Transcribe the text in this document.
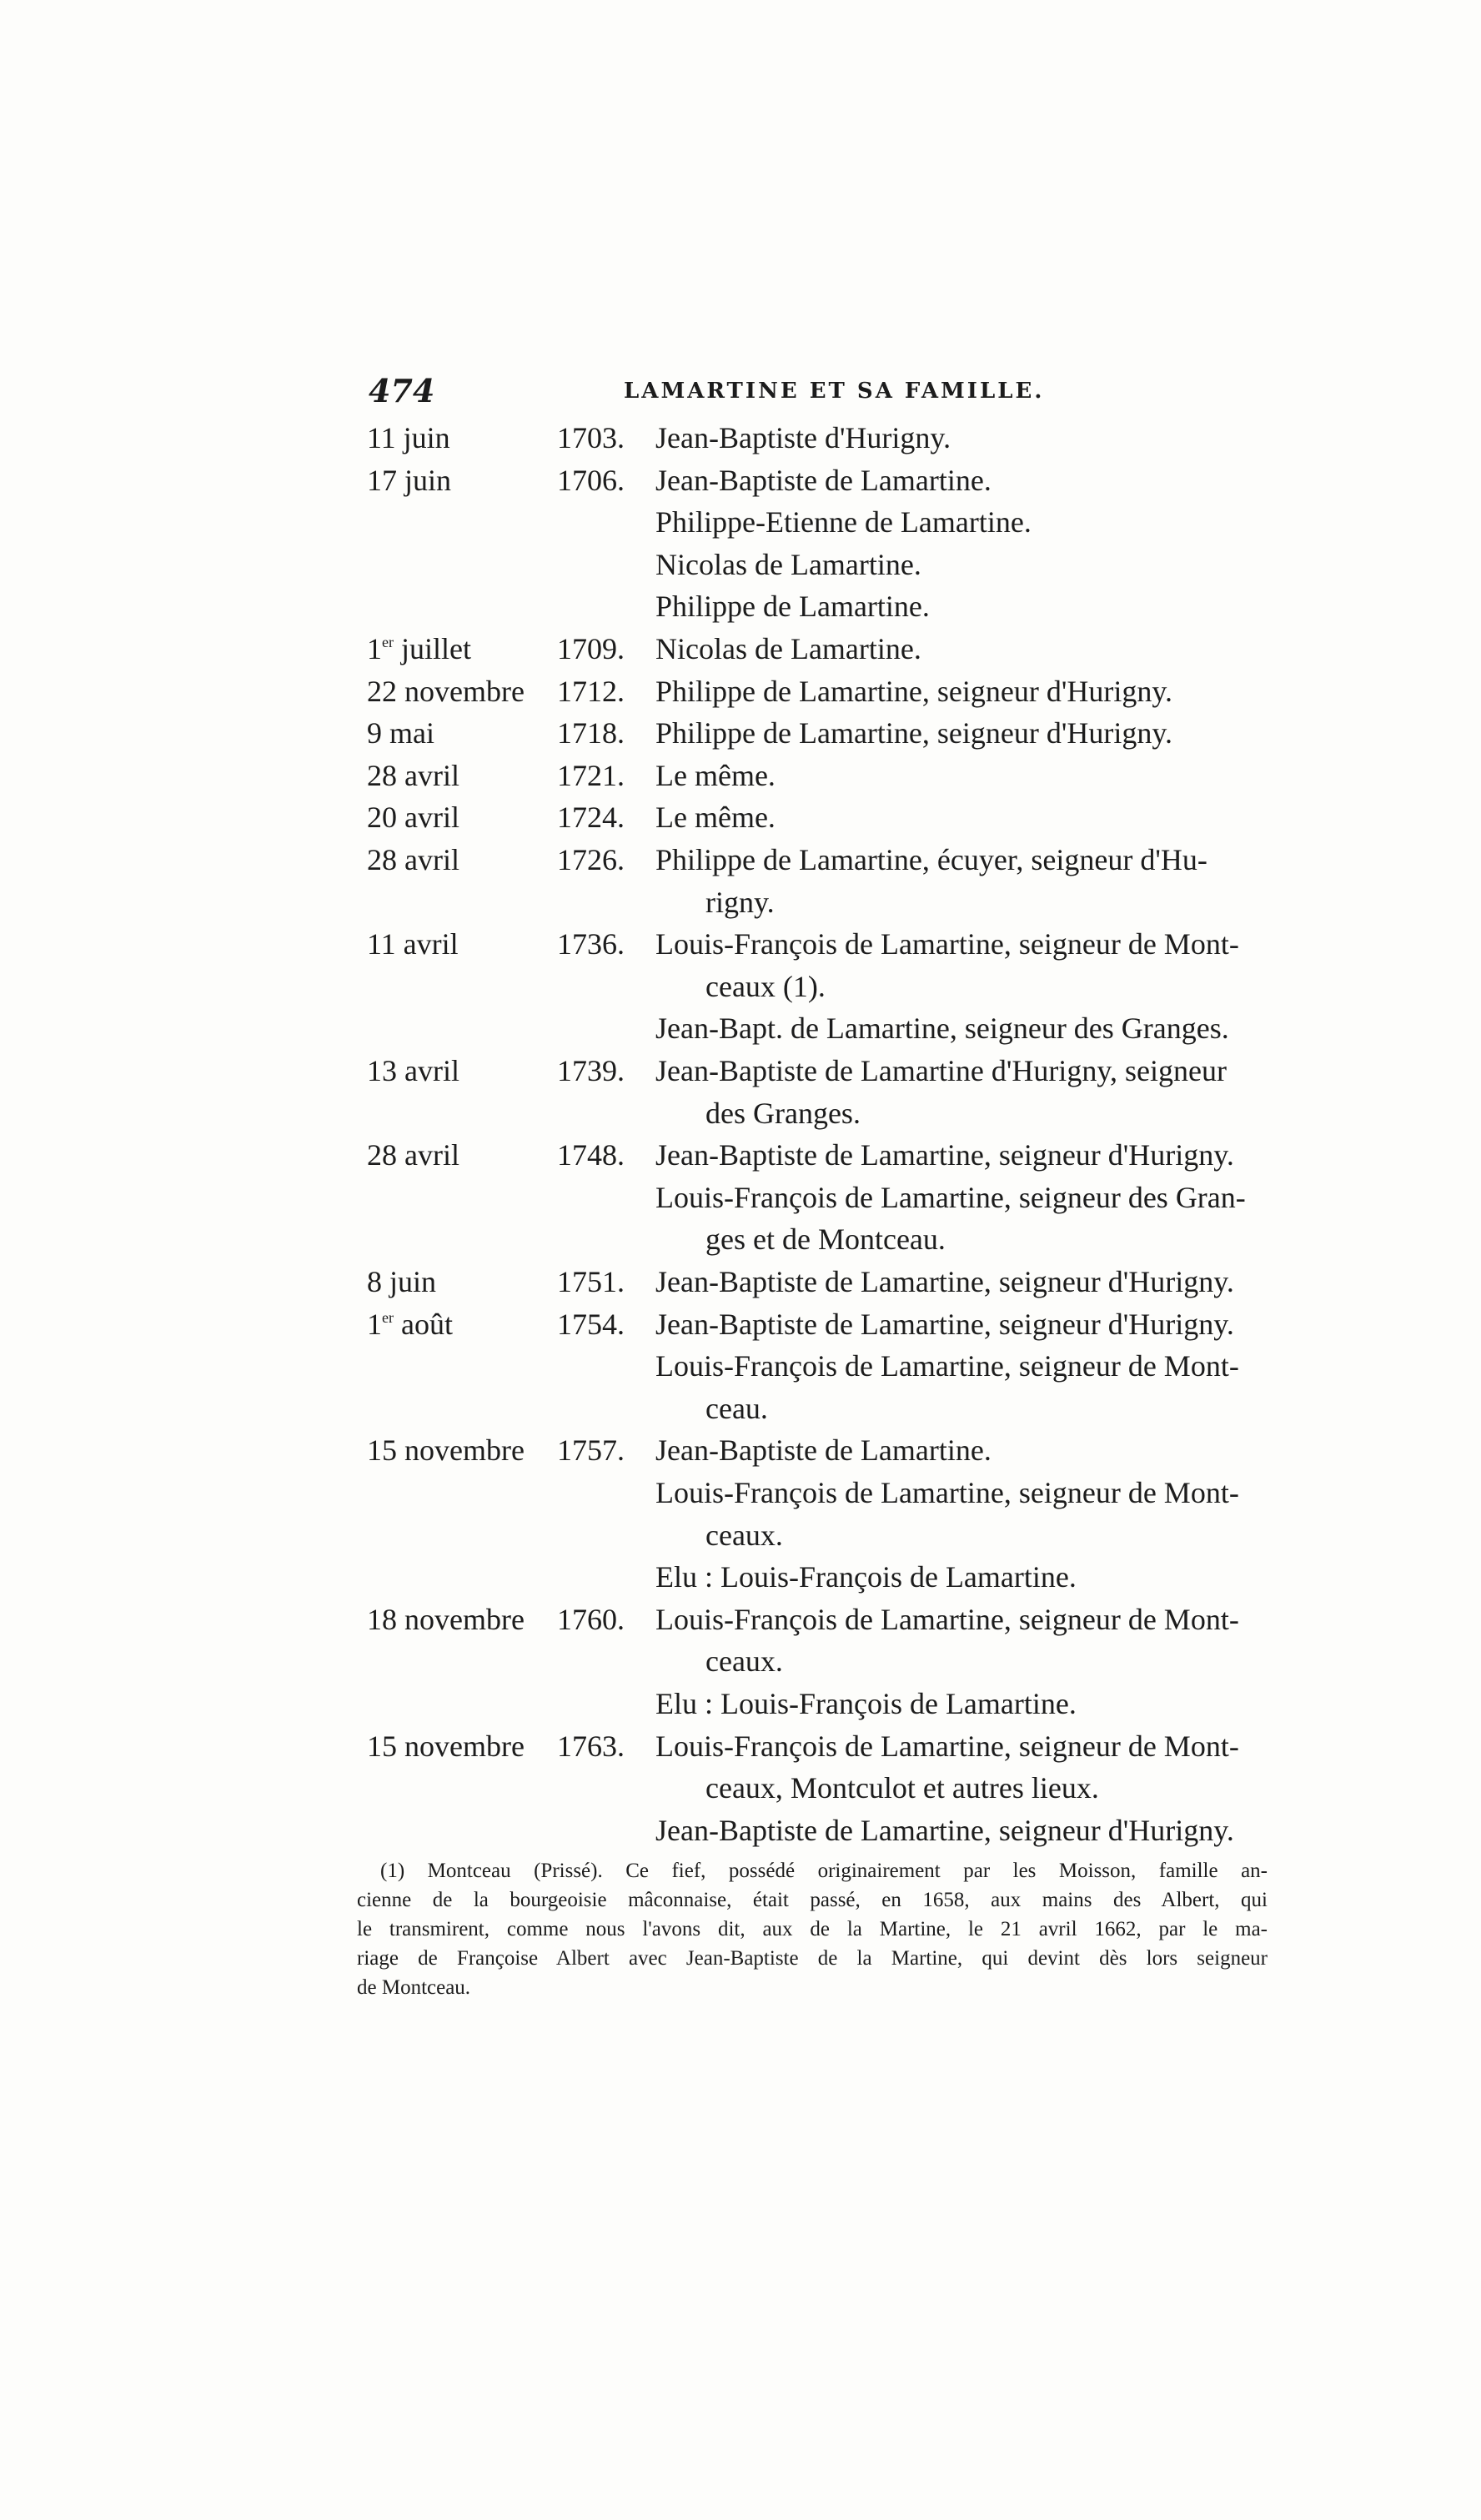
474	LAMARTINE ET SA FAMILLE.
11 juin	1703. Jean-Baptiste d'Hurigny.
17 juin	1706. Jean-Baptiste de Lamartine.
Philippe-Etienne de Lamartine.
Nicolas de Lamartine.
Philippe de Lamartine.
1er juillet	1709. Nicolas de Lamartine.
22 novembre 1712. Philippe de Lamartine, seigneur d'Hurigny.
9 mai	1718. Philippe de Lamartine, seigneur d'Hurigny.
28 avril	1721. Le même.
20 avril	1724. Le même.
28 avril	1726. Philippe de Lamartine, écuyer, seigneur d'Hu-
rigny.
11 avril	1736. Louis-François de Lamartine, seigneur de Mont-
ceaux (1).
Jean-Bapt. de Lamartine, seigneur des Granges.
13 avril	1739. Jean-Baptiste de Lamartine d'Hurigny, seigneur
des Granges.
28 avril	1748. Jean-Baptiste de Lamartine, seigneur d'Hurigny.
Louis-François de Lamartine, seigneur des Gran-
ges et de Montceau.
8 juin	1751. Jean-Baptiste de Lamartine, seigneur d'Hurigny.
1er août	1754. Jean-Baptiste de Lamartine, seigneur d'Hurigny.
Louis-François de Lamartine, seigneur de Mont-
ceau.
15 novembre 1757. Jean-Baptiste de Lamartine.
Louis-François de Lamartine, seigneur de Mont-
ceaux.
Elu : Louis-François de Lamartine.
18 novembre 1760. Louis-François de Lamartine, seigneur de Mont-
ceaux.
Elu : Louis-François de Lamartine.
15 novembre 1763. Louis-François de Lamartine, seigneur de Mont-
ceaux, Montculot et autres lieux.
Jean-Baptiste de Lamartine, seigneur d'Hurigny.
(1) Montceau (Prissé). Ce fief, possédé originairement par les Moisson, famille an-
cienne de la bourgeoisie mâconnaise, était passé, en 1658, aux mains des Albert, qui
le transmirent, comme nous l'avons dit, aux de la Martine, le 21 avril 1662, par le ma-
riage de Françoise Albert avec Jean-Baptiste de la Martine, qui devint dès lors seigneur
de Montceau.
